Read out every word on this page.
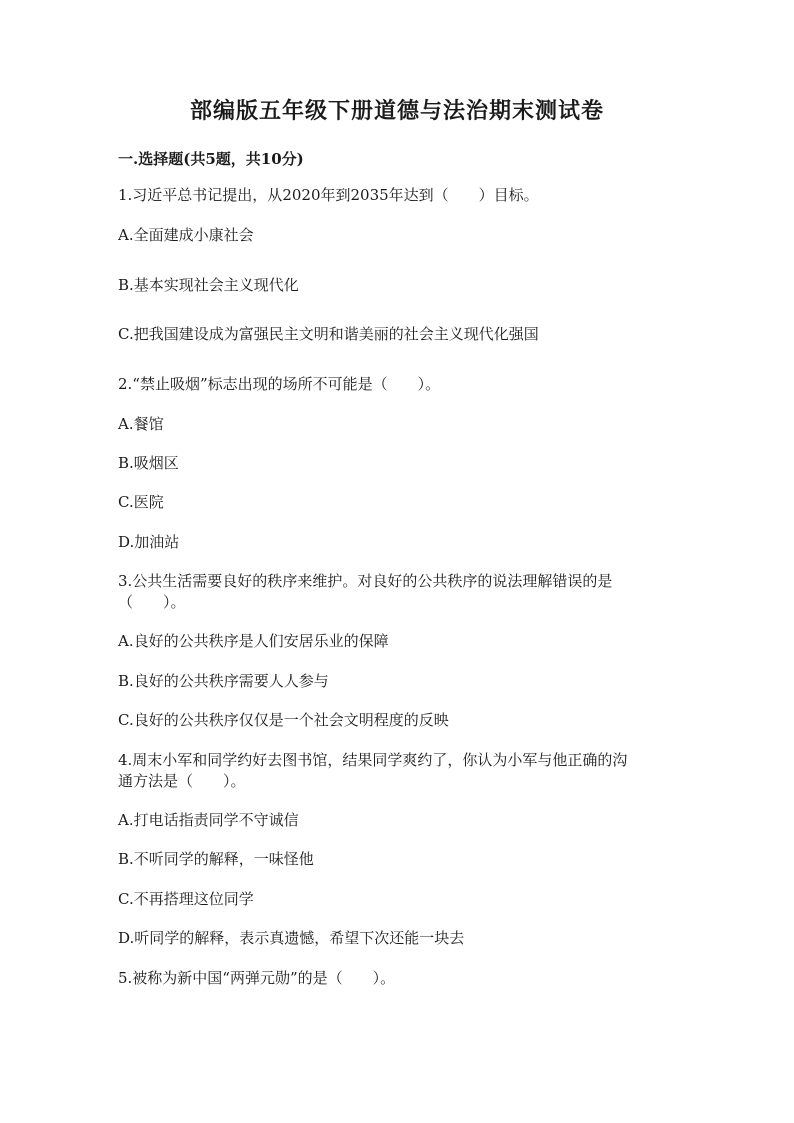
部编版五年级下册道德与法治期末测试卷
一.选择题(共5题，共10分)
1.习近平总书记提出，从2020年到2035年达到（　　）目标。
A.全面建成小康社会
B.基本实现社会主义现代化
C.把我国建设成为富强民主文明和谐美丽的社会主义现代化强国
2.“禁止吸烟”标志出现的场所不可能是（　　）。
A.餐馆
B.吸烟区
C.医院
D.加油站
3.公共生活需要良好的秩序来维护。对良好的公共秩序的说法理解错误的是
（　　）。
A.良好的公共秩序是人们安居乐业的保障
B.良好的公共秩序需要人人参与
C.良好的公共秩序仅仅是一个社会文明程度的反映
4.周末小军和同学约好去图书馆，结果同学爽约了，你认为小军与他正确的沟
通方法是（　　）。
A.打电话指责同学不守诚信
B.不听同学的解释，一味怪他
C.不再搭理这位同学
D.听同学的解释，表示真遗憾，希望下次还能一块去
5.被称为新中国“两弹元勋”的是（　　）。
